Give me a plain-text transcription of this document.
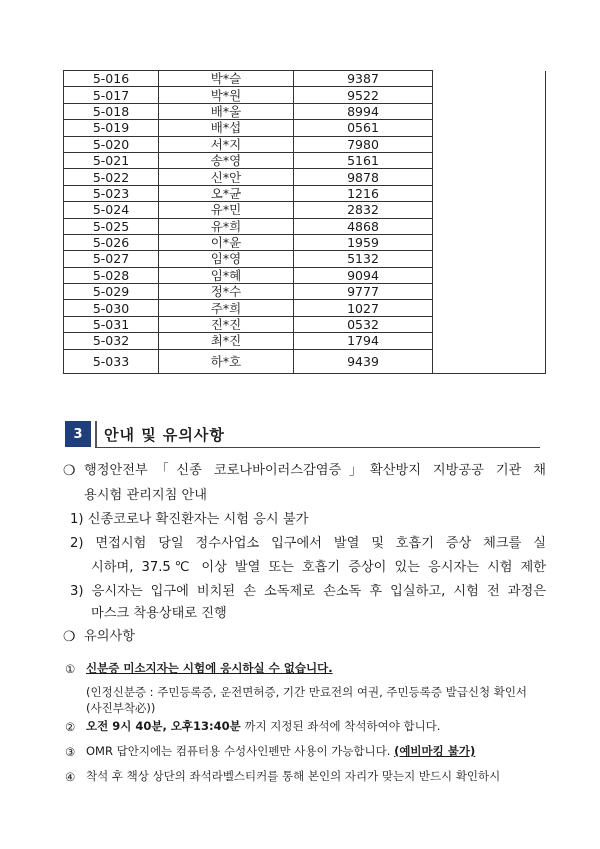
5-016	박*슬	9387	
5-017	박*원	9522	
5-018	배*울	8994	
5-019	배*섭	0561	
5-020	서*지	7980	
5-021	송*영	5161	
5-022	신*안	9878	
5-023	오*균	1216	
5-024	유*민	2832	
5-025	유*희	4868	
5-026	이*윤	1959	
5-027	임*영	5132	
5-028	임*혜	9094	
5-029	정*수	9777	
5-030	주*희	1027	
5-031	진*진	0532	
5-032	최*진	1794	
5-033	하*호	9439	
3	안내 및 유의사항
❍ 행정안전부「신종 코로나바이러스감염증」확산방지 지방공공 기관 채
용시험 관리지침 안내
1) 신종코로나 확진환자는 시험 응시 불가
2) 면접시험 당일 정수사업소 입구에서 발열 및 호흡기 증상 체크를 실
시하며, 37.5℃ 이상 발열 또는 호흡기 증상이 있는 응시자는 시험 제한
3) 응시자는 입구에 비치된 손 소독제로 손소독 후 입실하고, 시험 전 과정은
마스크 착용상태로 진행
❍ 유의사항
① 신분증 미소지자는 시험에 응시하실 수 없습니다.
(인정신분증 : 주민등록증, 운전면허증, 기간 만료전의 여권, 주민등록증 발급신청 확인서
(사진부착必))
② 오전 9시 40분, 오후13:40분 까지 지정된 좌석에 착석하여야 합니다.
③ OMR 답안지에는 컴퓨터용 수성사인펜만 사용이 가능합니다. (예비마킹 불가)
④ 착석 후 책상 상단의 좌석라벨스티커를 통해 본인의 자리가 맞는지 반드시 확인하시
